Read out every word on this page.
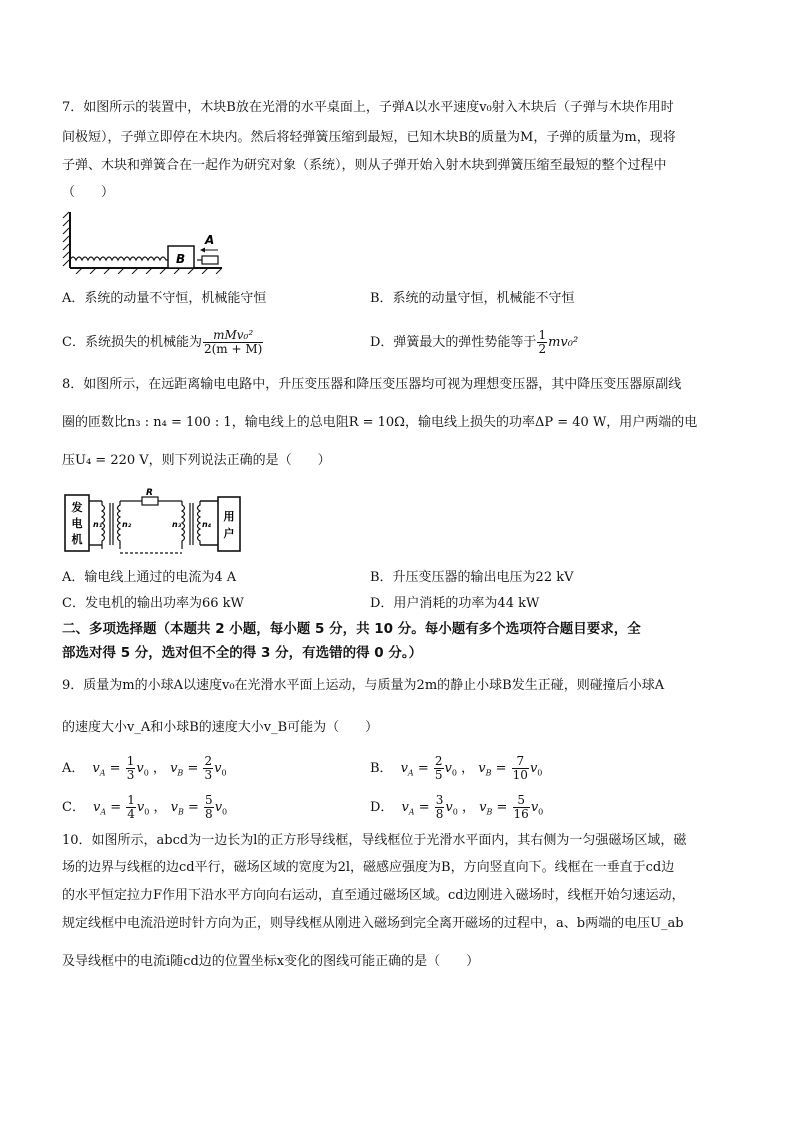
7．如图所示的装置中，木块B放在光滑的水平桌面上，子弹A以水平速度v₀射入木块后（子弹与木块作用时
间极短），子弹立即停在木块内。然后将轻弹簧压缩到最短，已知木块B的质量为M，子弹的质量为m，现将
子弹、木块和弹簧合在一起作为研究对象（系统），则从子弹开始入射木块到弹簧压缩至最短的整个过程中
（　　）
B
A
A．系统的动量不守恒，机械能守恒	B．系统的动量守恒，机械能不守恒
C．系统损失的机械能为 $\frac{\text{mMv₀²}}{2(m + M)}$	D．弹簧最大的弹性势能等于 $\frac{1}{2} mv_0^2$
8．如图所示，在远距离输电电路中，升压变压器和降压变压器均可视为理想变压器，其中降压变压器原副线
圈的匝数比n₃ : n₄ = 100 : 1，输电线上的总电阻R = 10Ω，输电线上损失的功率ΔP = 40 W，用户两端的电
压U₄ = 220 V，则下列说法正确的是（　　）
发
电
机
n₁ n₂
R
n₃	n₄
用
户
A．输电线上通过的电流为4 A	B．升压变压器的输出电压为22 kV
C．发电机的输出功率为66 kW	D．用户消耗的功率为44 kW
二、多项选择题（本题共 2 小题，每小题 5 分，共 10 分。每小题有多个选项符合题目要求，全
部选对得 5 分，选对但不全的得 3 分，有选错的得 0 分。）
9．质量为m的小球A以速度v₀在光滑水平面上运动，与质量为2m的静止小球B发生正碰，则碰撞后小球A
的速度大小v_A和小球B的速度大小v_B可能为（　　）
A． $v_A = \frac{1}{3} v_0$ ， $v_B = \frac{2}{3} v_0$	B． $v_A = \frac{2}{5} v_0$ ， $v_B = \frac{7}{10} v_0$
C． $v_A = \frac{1}{4} v_0$ ， $v_B = \frac{5}{8} v_0$	D． $v_A = \frac{3}{8} v_0$ ， $v_B = \frac{5}{16} v_0$
10．如图所示，abcd为一边长为l的正方形导线框，导线框位于光滑水平面内，其右侧为一匀强磁场区域，磁
场的边界与线框的边cd平行，磁场区域的宽度为2l，磁感应强度为B，方向竖直向下。线框在一垂直于cd边
的水平恒定拉力F作用下沿水平方向向右运动，直至通过磁场区域。cd边刚进入磁场时，线框开始匀速运动，
规定线框中电流沿逆时针方向为正，则导线框从刚进入磁场到完全离开磁场的过程中，a、b两端的电压U_ab
及导线框中的电流i随cd边的位置坐标x变化的图线可能正确的是（　　）
